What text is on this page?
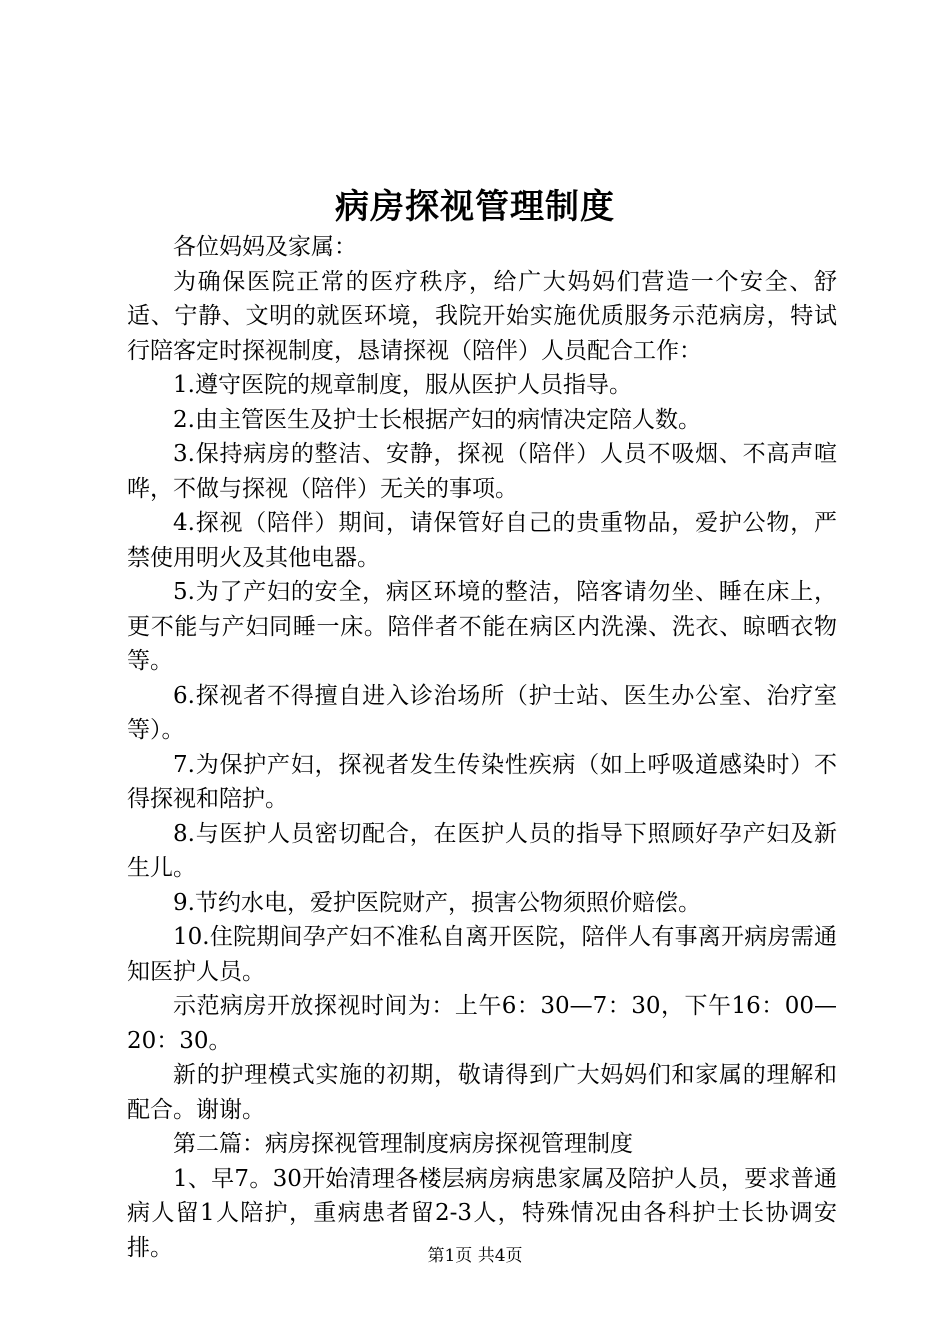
病房探视管理制度

各位妈妈及家属：

为确保医院正常的医疗秩序，给广大妈妈们营造一个安全、舒适、宁静、文明的就医环境，我院开始实施优质服务示范病房，特试行陪客定时探视制度，恳请探视（陪伴）人员配合工作：

1.遵守医院的规章制度，服从医护人员指导。

2.由主管医生及护士长根据产妇的病情决定陪人数。

3.保持病房的整洁、安静，探视（陪伴）人员不吸烟、不高声喧哗，不做与探视（陪伴）无关的事项。

4.探视（陪伴）期间，请保管好自己的贵重物品，爱护公物，严禁使用明火及其他电器。

5.为了产妇的安全，病区环境的整洁，陪客请勿坐、睡在床上，更不能与产妇同睡一床。陪伴者不能在病区内洗澡、洗衣、晾晒衣物等。

6.探视者不得擅自进入诊治场所（护士站、医生办公室、治疗室等）。

7.为保护产妇，探视者发生传染性疾病（如上呼吸道感染时）不得探视和陪护。

8.与医护人员密切配合，在医护人员的指导下照顾好孕产妇及新生儿。

9.节约水电，爱护医院财产，损害公物须照价赔偿。

10.住院期间孕产妇不准私自离开医院，陪伴人有事离开病房需通知医护人员。

示范病房开放探视时间为：上午6：30—7：30，下午16：00—20：30。

新的护理模式实施的初期，敬请得到广大妈妈们和家属的理解和配合。谢谢。

第二篇：病房探视管理制度病房探视管理制度

1、早7。30开始清理各楼层病房病患家属及陪护人员，要求普通病人留1人陪护，重病患者留2-3人，特殊情况由各科护士长协调安排。	第1页 共4页
